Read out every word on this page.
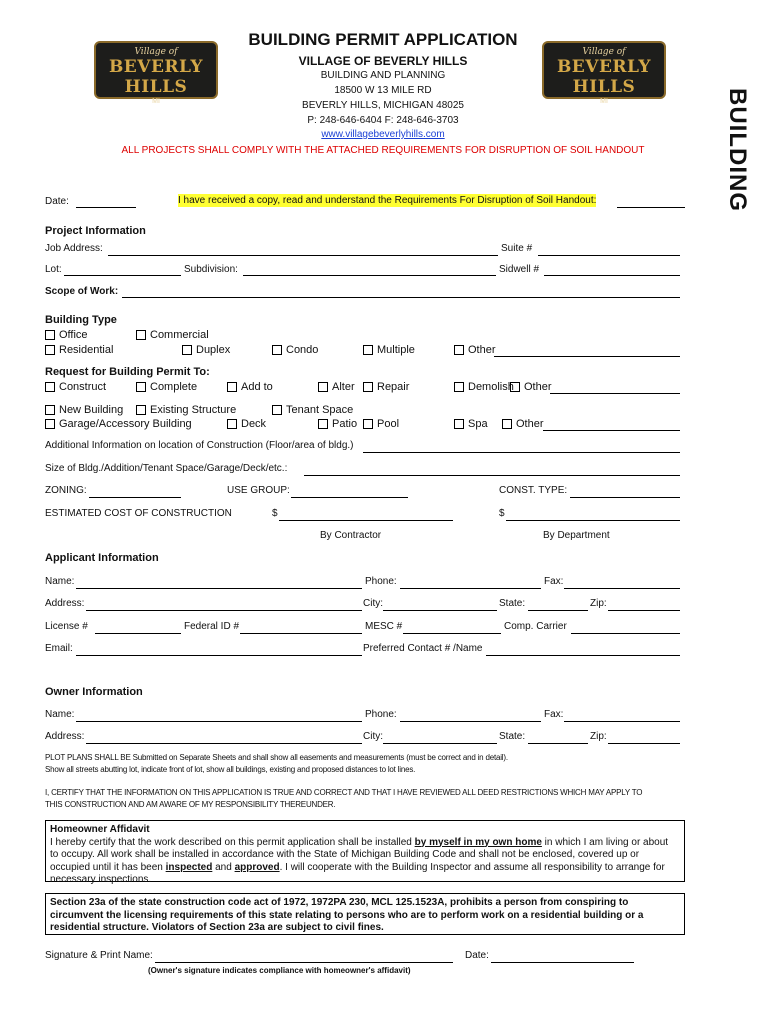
Village of
BEVERLY HILLS
MI
Village of
BEVERLY HILLS
MI
BUILDING PERMIT APPLICATION
VILLAGE OF BEVERLY HILLS
BUILDING AND PLANNING
18500 W 13 MILE RD
BEVERLY HILLS, MICHIGAN 48025
P: 248-646-6404 F: 248-646-3703
www.villagebeverlyhills.com
ALL PROJECTS SHALL COMPLY WITH THE ATTACHED REQUIREMENTS FOR DISRUPTION OF SOIL HANDOUT	BUILDING
Date:	I have received a copy, read and understand the Requirements For Disruption of Soil Handout:
Project Information
Job Address:	Suite #
Lot:	Subdivision:	Sidwell #
Scope of Work:
Building Type
Office	Commercial
Residential	Duplex	Condo	Multiple	Other
Request for Building Permit To:
Construct	Complete	Add to	Alter	Repair	Demolish Other
New Building	Existing Structure	Tenant Space
Garage/Accessory Building	Deck	Patio	Pool	Spa	Other
Additional Information on location of Construction (Floor/area of bldg.)
Size of Bldg./Addition/Tenant Space/Garage/Deck/etc.:
ZONING:	USE GROUP:	CONST. TYPE:
ESTIMATED COST OF CONSTRUCTION	$	$
By Contractor	By Department
Applicant Information
Name:	Phone:	Fax:
Address:	City:	State:	Zip:
License #	Federal ID #	MESC #	Comp. Carrier
Email:	Preferred Contact # /Name
Owner Information
Name:	Phone:	Fax:
Address:	City:	State:	Zip:
PLOT PLANS SHALL BE Submitted on Separate Sheets and shall show all easements and measurements (must be correct and in detail).
Show all streets abutting lot, indicate front of lot, show all buildings, existing and proposed distances to lot lines.
I, CERTIFY THAT THE INFORMATION ON THIS APPLICATION IS TRUE AND CORRECT AND THAT I HAVE REVIEWED ALL DEED RESTRICTIONS WHICH MAY APPLY TO
THIS CONSTRUCTION AND AM AWARE OF MY RESPONSIBILITY THEREUNDER.
Homeowner Affidavit
I hereby certify that the work described on this permit application shall be installed by myself in my own home in which I am living or about
to occupy. All work shall be installed in accordance with the State of Michigan Building Code and shall not be enclosed, covered up or
occupied until it has been inspected and approved. I will cooperate with the Building Inspector and assume all responsibility to arrange for
necessary inspections.
Section 23a of the state construction code act of 1972, 1972PA 230, MCL 125.1523A, prohibits a person from conspiring to
circumvent the licensing requirements of this state relating to persons who are to perform work on a residential building or a
residential structure. Violators of Section 23a are subject to civil fines.
Signature & Print Name:	Date:
(Owner's signature indicates compliance with homeowner's affidavit)
